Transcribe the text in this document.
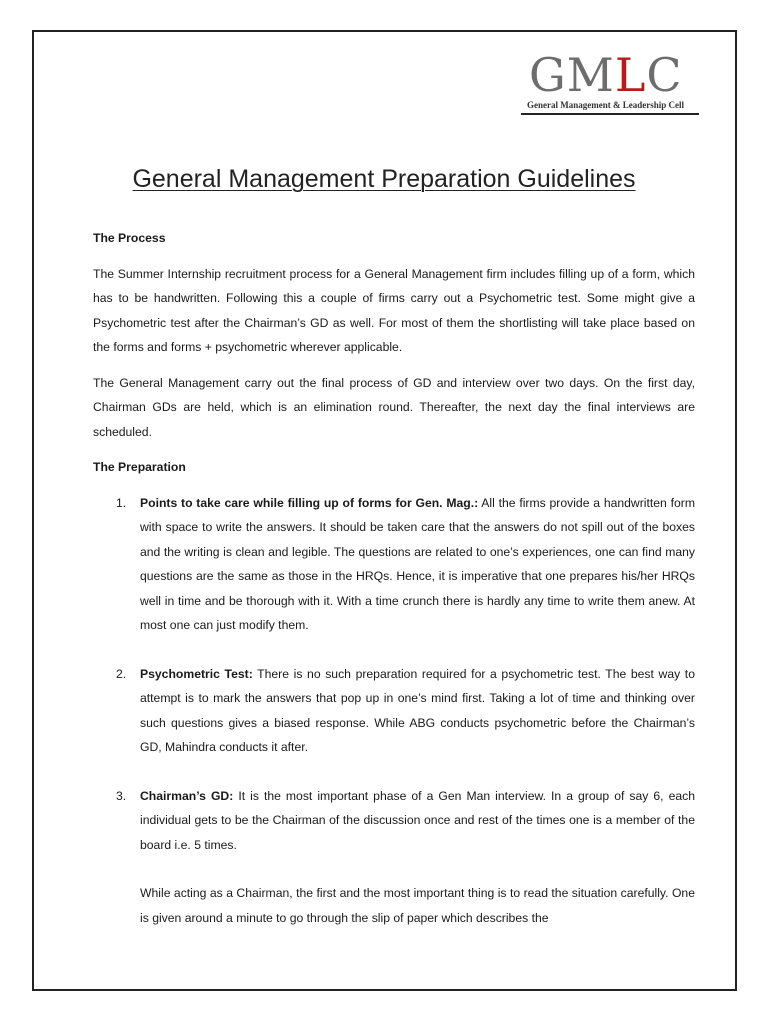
GMLC
General Management & Leadership Cell
General Management Preparation Guidelines
The Process
The Summer Internship recruitment process for a General Management firm includes filling up of a form, which has to be handwritten. Following this a couple of firms carry out a Psychometric test. Some might give a Psychometric test after the Chairman’s GD as well. For most of them the shortlisting will take place based on the forms and forms + psychometric wherever applicable.
The General Management carry out the final process of GD and interview over two days. On the first day, Chairman GDs are held, which is an elimination round. Thereafter, the next day the final interviews are scheduled.
The Preparation
1. Points to take care while filling up of forms for Gen. Mag.: All the firms provide a handwritten form with space to write the answers. It should be taken care that the answers do not spill out of the boxes and the writing is clean and legible. The questions are related to one’s experiences, one can find many questions are the same as those in the HRQs. Hence, it is imperative that one prepares his/her HRQs well in time and be thorough with it. With a time crunch there is hardly any time to write them anew. At most one can just modify them.
2. Psychometric Test: There is no such preparation required for a psychometric test. The best way to attempt is to mark the answers that pop up in one’s mind first. Taking a lot of time and thinking over such questions gives a biased response. While ABG conducts psychometric before the Chairman’s GD, Mahindra conducts it after.
3. Chairman’s GD: It is the most important phase of a Gen Man interview. In a group of say 6, each individual gets to be the Chairman of the discussion once and rest of the times one is a member of the board i.e. 5 times.
While acting as a Chairman, the first and the most important thing is to read the situation carefully. One is given around a minute to go through the slip of paper which describes the
